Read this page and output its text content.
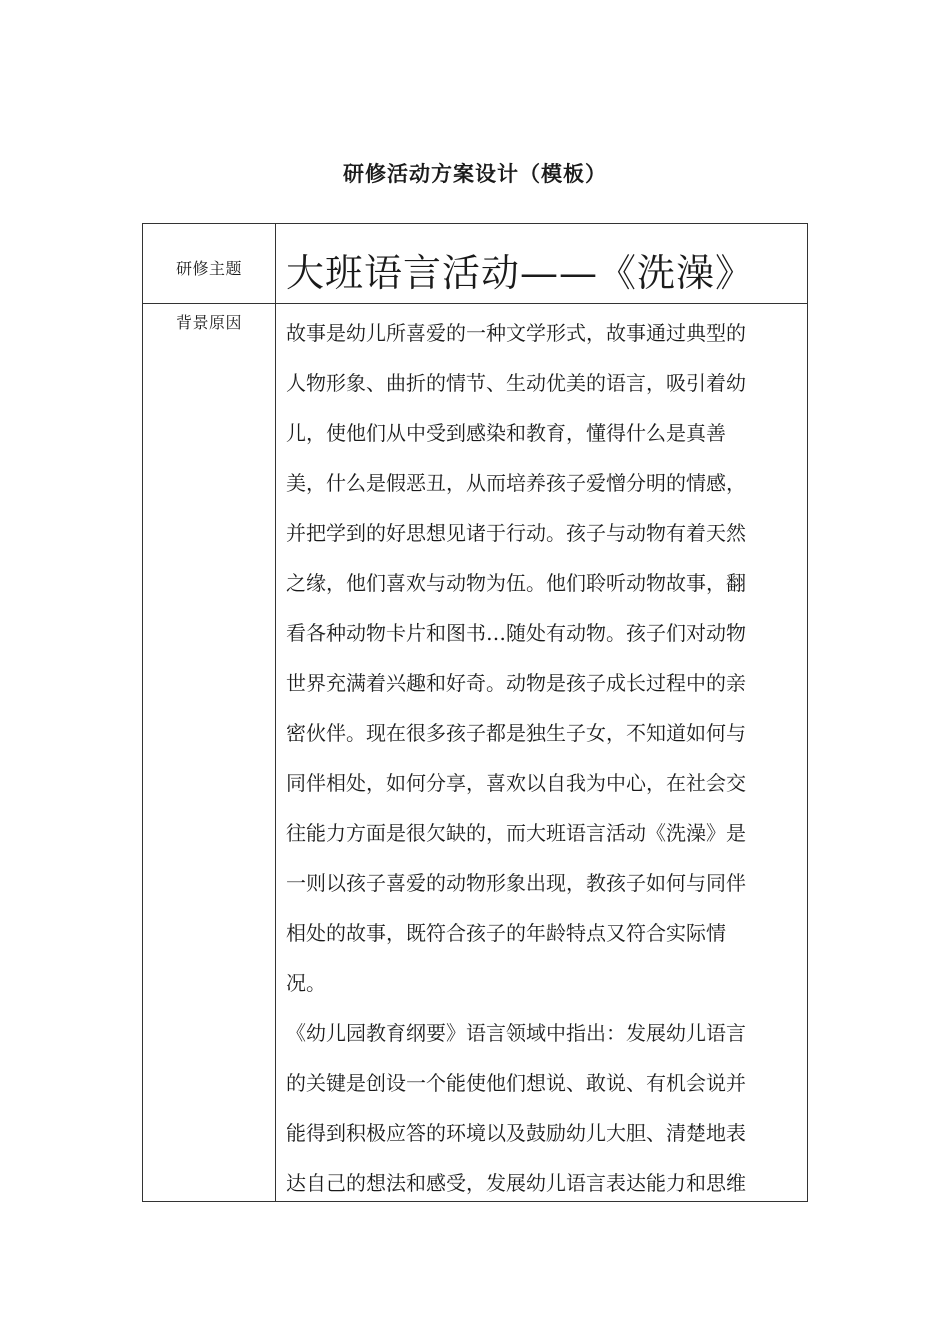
研修活动方案设计（模板）
研修主题	大班语言活动——《洗澡》
背景原因	故事是幼儿所喜爱的一种文学形式，故事通过典型的
人物形象、曲折的情节、生动优美的语言，吸引着幼
儿，使他们从中受到感染和教育，懂得什么是真善
美，什么是假恶丑，从而培养孩子爱憎分明的情感，
并把学到的好思想见诸于行动。孩子与动物有着天然
之缘，他们喜欢与动物为伍。他们聆听动物故事，翻
看各种动物卡片和图书…随处有动物。孩子们对动物
世界充满着兴趣和好奇。动物是孩子成长过程中的亲
密伙伴。现在很多孩子都是独生子女，不知道如何与
同伴相处，如何分享，喜欢以自我为中心，在社会交
往能力方面是很欠缺的，而大班语言活动《洗澡》是
一则以孩子喜爱的动物形象出现，教孩子如何与同伴
相处的故事，既符合孩子的年龄特点又符合实际情
况。
《幼儿园教育纲要》语言领域中指出：发展幼儿语言
的关键是创设一个能使他们想说、敢说、有机会说并
能得到积极应答的环境以及鼓励幼儿大胆、清楚地表
达自己的想法和感受，发展幼儿语言表达能力和思维
